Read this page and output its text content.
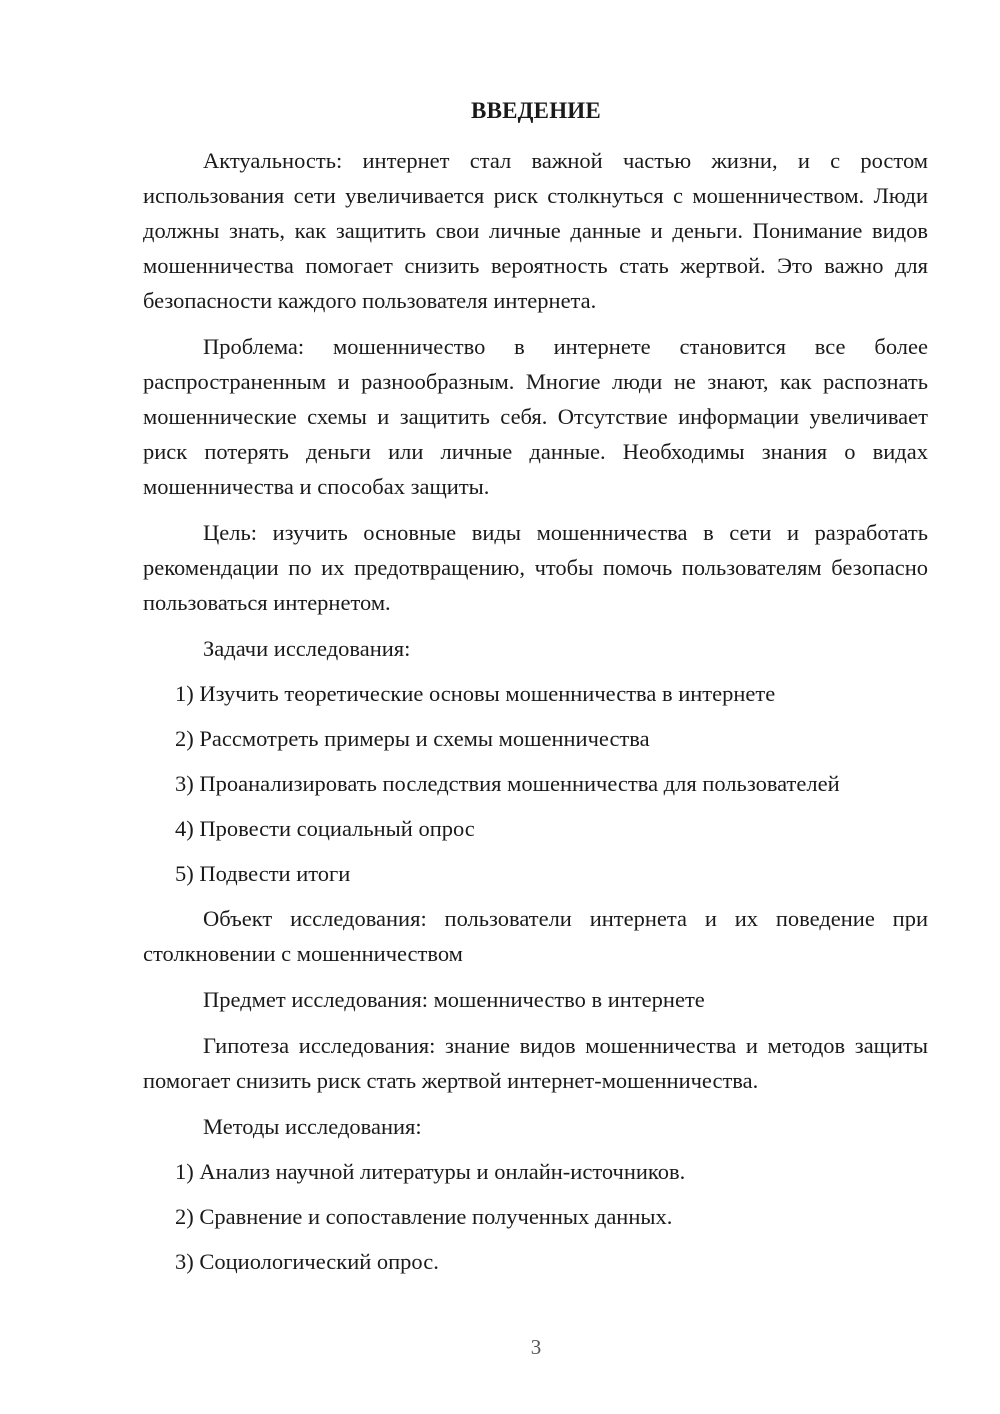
ВВЕДЕНИЕ

Актуальность: интернет стал важной частью жизни, и с ростом использования сети увеличивается риск столкнуться с мошенничеством. Люди должны знать, как защитить свои личные данные и деньги. Понимание видов мошенничества помогает снизить вероятность стать жертвой. Это важно для безопасности каждого пользователя интернета.

Проблема: мошенничество в интернете становится все более распространенным и разнообразным. Многие люди не знают, как распознать мошеннические схемы и защитить себя. Отсутствие информации увеличивает риск потерять деньги или личные данные. Необходимы знания о видах мошенничества и способах защиты.

Цель: изучить основные виды мошенничества в сети и разработать рекомендации по их предотвращению, чтобы помочь пользователям безопасно пользоваться интернетом.

Задачи исследования:

1) Изучить теоретические основы мошенничества в интернете

2) Рассмотреть примеры и схемы мошенничества

3) Проанализировать последствия мошенничества для пользователей

4) Провести социальный опрос

5) Подвести итоги

Объект исследования: пользователи интернета и их поведение при столкновении с мошенничеством

Предмет исследования: мошенничество в интернете

Гипотеза исследования: знание видов мошенничества и методов защиты помогает снизить риск стать жертвой интернет-мошенничества.

Методы исследования:

1) Анализ научной литературы и онлайн-источников.

2) Сравнение и сопоставление полученных данных.

3) Социологический опрос.

3
